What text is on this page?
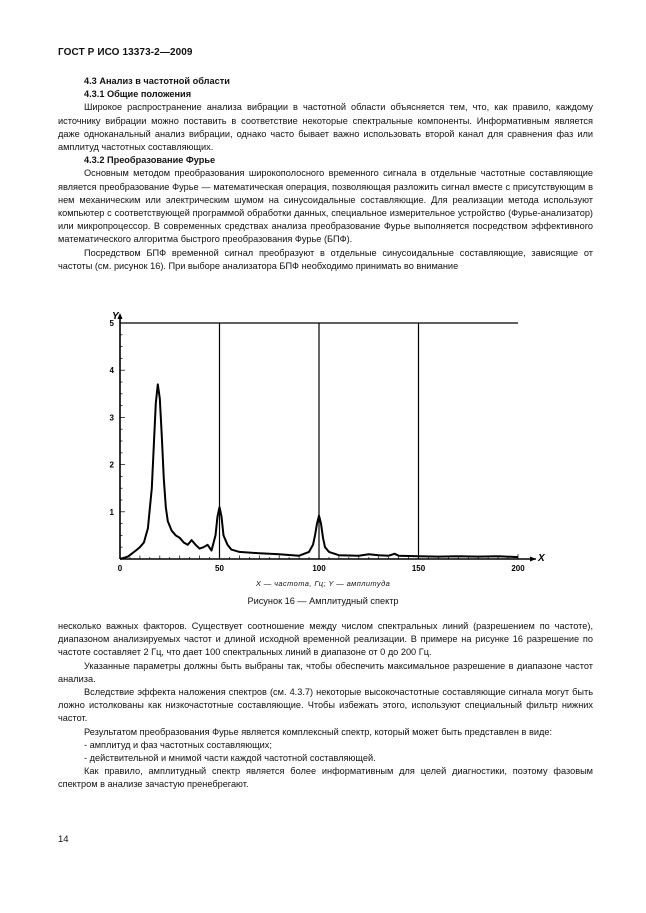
ГОСТ Р ИСО 13373-2—2009
4.3 Анализ в частотной области
4.3.1 Общие положения
Широкое распространение анализа вибрации в частотной области объясняется тем, что, как правило, каждому источнику вибрации можно поставить в соответствие некоторые спектральные компоненты. Информативным является даже одноканальный анализ вибрации, однако часто бывает важно использовать второй канал для сравнения фаз или амплитуд частотных составляющих.
4.3.2 Преобразование Фурье
Основным методом преобразования широкополосного временного сигнала в отдельные частотные составляющие является преобразование Фурье — математическая операция, позволяющая разложить сигнал вместе с присутствующим в нем механическим или электрическим шумом на синусоидальные составляющие. Для реализации метода используют компьютер с соответствующей программой обработки данных, специальное измерительное устройство (Фурье-анализатор) или микропроцессор. В современных средствах анализа преобразование Фурье выполняется посредством эффективного математического алгоритма быстрого преобразования Фурье (БПФ).
Посредством БПФ временной сигнал преобразуют в отдельные синусоидальные составляющие, зависящие от частоты (см. рисунок 16). При выборе анализатора БПФ необходимо принимать во внимание
0	50	100	150	200
1
2
3
4
5
X
Y
X — частота, Гц; Y — амплитуда
Рисунок 16 — Амплитудный спектр
несколько важных факторов. Существует соотношение между числом спектральных линий (разрешением по частоте), диапазоном анализируемых частот и длиной исходной временной реализации. В примере на рисунке 16 разрешение по частоте составляет 2 Гц, что дает 100 спектральных линий в диапазоне от 0 до 200 Гц.
Указанные параметры должны быть выбраны так, чтобы обеспечить максимальное разрешение в диапазоне частот анализа.
Вследствие эффекта наложения спектров (см. 4.3.7) некоторые высокочастотные составляющие сигнала могут быть ложно истолкованы как низкочастотные составляющие. Чтобы избежать этого, используют специальный фильтр нижних частот.
Результатом преобразования Фурье является комплексный спектр, который может быть представлен в виде:
- амплитуд и фаз частотных составляющих;
- действительной и мнимой части каждой частотной составляющей.
Как правило, амплитудный спектр является более информативным для целей диагностики, поэтому фазовым спектром в анализе зачастую пренебрегают.
14
